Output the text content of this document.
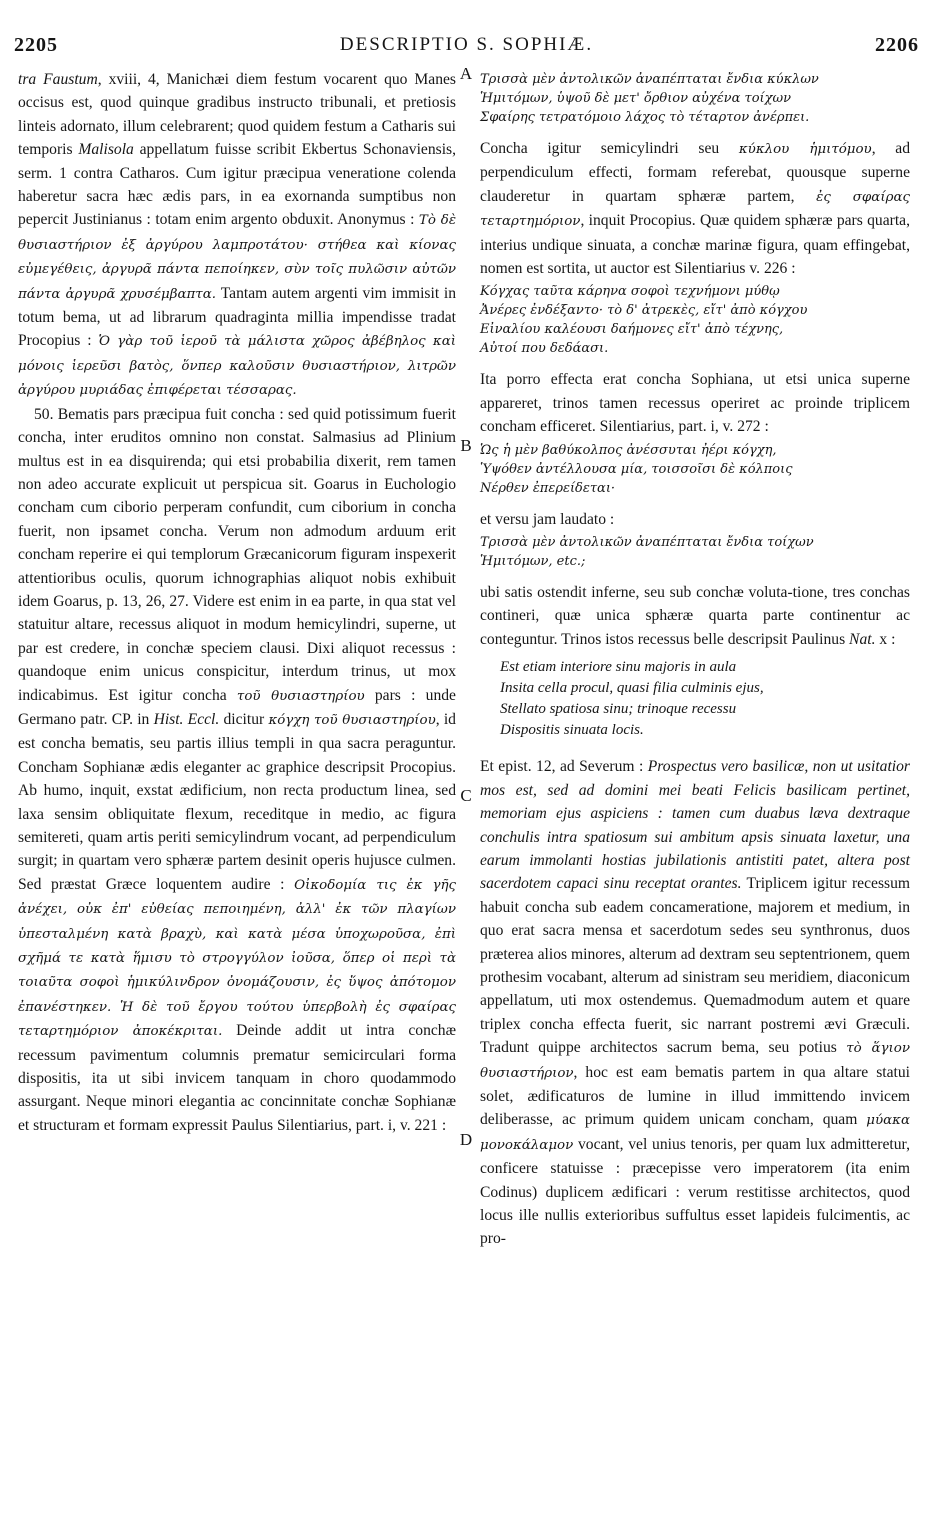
2205	DESCRIPTIO S. SOPHIÆ.	2206
A
B
C
D

tra Faustum, xviii, 4, Manichæi diem festum vocarent quo Manes occisus est, quod quinque gradibus instructo tribunali, et pretiosis linteis adornato, illum celebrarent; quod quidem festum a Catharis sui temporis Malisola appellatum fuisse scribit Ekbertus Schonaviensis, serm. 1 contra Catharos. Cum igitur præcipua veneratione colenda haberetur sacra hæc ædis pars, in ea exornanda sumptibus non pepercit Justinianus : totam enim argento obduxit. Anonymus : Τὸ δὲ θυσιαστήριον ἐξ ἀργύρου λαμπροτάτου· στήθεα καὶ κίονας εὐμεγέθεις, ἀργυρᾶ πάντα πεποίηκεν, σὺν τοῖς πυλῶσιν αὐτῶν πάντα ἀργυρᾶ χρυσέμβαπτα. Tantam autem argenti vim immisit in totum bema, ut ad librarum quadraginta millia impendisse tradat Procopius : Ὁ γὰρ τοῦ ἱεροῦ τὰ μάλιστα χῶρος ἀβέβηλος καὶ μόνοις ἱερεῦσι βατὸς, ὅνπερ καλοῦσιν θυσιαστήριον, λιτρῶν ἀργύρου μυριάδας ἐπιφέρεται τέσσαρας.

50. Bematis pars præcipua fuit concha : sed quid potissimum fuerit concha, inter eruditos omnino non constat. Salmasius ad Plinium multus est in ea disquirenda; qui etsi probabilia dixerit, rem tamen non adeo accurate explicuit ut perspicua sit. Goarus in Euchologio concham cum ciborio perperam confundit, cum ciborium in concha fuerit, non ipsamet concha. Verum non admodum arduum erit concham reperire ei qui templorum Græcanicorum figuram inspexerit attentioribus oculis, quorum ichnographias aliquot nobis exhibuit idem Goarus, p. 13, 26, 27. Videre est enim in ea parte, in qua stat vel statuitur altare, recessus aliquot in modum hemicylindri, superne, ut par est credere, in conchæ speciem clausi. Dixi aliquot recessus : quandoque enim unicus conspicitur, interdum trinus, ut mox indicabimus. Est igitur concha τοῦ θυσιαστηρίου pars : unde Germano patr. CP. in Hist. Eccl. dicitur κόγχη τοῦ θυσιαστηρίου, id est concha bematis, seu partis illius templi in qua sacra peraguntur. Concham Sophianæ ædis eleganter ac graphice descripsit Procopius. Ab humo, inquit, exstat ædificium, non recta productum linea, sed laxa sensim obliquitate flexum, receditque in medio, ac figura semitereti, quam artis periti semicylindrum vocant, ad perpendiculum surgit; in quartam vero sphæræ partem desinit operis hujusce culmen. Sed præstat Græce loquentem audire : Οἰκοδομία τις ἐκ γῆς ἀνέχει, οὐκ ἐπ' εὐθείας πεποιημένη, ἀλλ' ἐκ τῶν πλαγίων ὑπεσταλμένη κατὰ βραχὺ, καὶ κατὰ μέσα ὑποχωροῦσα, ἐπὶ σχῆμά τε κατὰ ἥμισυ τὸ στρογγύλον ἰοῦσα, ὅπερ οἱ περὶ τὰ τοιαῦτα σοφοὶ ἡμικύλινδρον ὀνομάζουσιν, ἐς ὕψος ἀπότομον ἐπανέστηκεν. Ἡ δὲ τοῦ ἔργου τούτου ὑπερβολὴ ἐς σφαίρας τεταρτημόριον ἀποκέκριται. Deinde addit ut intra conchæ recessum pavimentum columnis prematur semicirculari forma dispositis, ita ut sibi invicem tanquam in choro quodammodo assurgant. Neque minori elegantia ac concinnitate conchæ Sophianæ et structuram et formam expressit Paulus Silentiarius, part. i, v. 221 :

Τρισσὰ μὲν ἀντολικῶν ἀναπέπταται ἔνδια κύκλων
Ἡμιτόμων, ὑψοῦ δὲ μετ' ὄρθιον αὐχένα τοίχων
Σφαίρης τετρατόμοιο λάχος τὸ τέταρτον ἀνέρπει.

Concha igitur semicylindri seu κύκλου ἡμιτόμου, ad perpendiculum effecti, formam referebat, quousque superne clauderetur in quartam sphæræ partem, ἐς σφαίρας τεταρτημόριον, inquit Procopius. Quæ quidem sphæræ pars quarta, interius undique sinuata, a conchæ marinæ figura, quam effingebat, nomen est sortita, ut auctor est Silentiarius v. 226 :

Κόγχας ταῦτα κάρηνα σοφοὶ τεχνήμονι μύθῳ
Ἀνέρες ἐνδέξαντο· τὸ δ' ἀτρεκὲς, εἴτ' ἀπὸ κόγχου
Εἰναλίου καλέουσι δαήμονες εἴτ' ἀπὸ τέχνης,
Αὐτοί που δεδάασι.

Ita porro effecta erat concha Sophiana, ut etsi unica superne appareret, trinos tamen recessus operiret ac proinde triplicem concham efficeret. Silentiarius, part. i, v. 272 :

Ὡς ἡ μὲν βαθύκολπος ἀνέσσυται ἠέρι κόγχη,
Ὑψόθεν ἀντέλλουσα μία, τοισσοῖσι δὲ κόλποις
Νέρθεν ἐπερείδεται·

et versu jam laudato :

Τρισσὰ μὲν ἀντολικῶν ἀναπέπταται ἔνδια τοίχων
Ἡμιτόμων, etc.;

ubi satis ostendit inferne, seu sub conchæ voluta-tione, tres conchas contineri, quæ unica sphæræ quarta parte continentur ac conteguntur. Trinos istos recessus belle descripsit Paulinus Nat. x :

Est etiam interiore sinu majoris in aula
Insita cella procul, quasi filia culminis ejus,
Stellato spatiosa sinu; trinoque recessu
Dispositis sinuata locis.

Et epist. 12, ad Severum : Prospectus vero basilicæ, non ut usitatior mos est, sed ad domini mei beati Felicis basilicam pertinet, memoriam ejus aspiciens : tamen cum duabus læva dextraque conchulis intra spatiosum sui ambitum apsis sinuata laxetur, una earum immolanti hostias jubilationis antistiti patet, altera post sacerdotem capaci sinu receptat orantes. Triplicem igitur recessum habuit concha sub eadem concameratione, majorem et medium, in quo erat sacra mensa et sacerdotum sedes seu synthronus, duos præterea alios minores, alterum ad dextram seu septentrionem, quem prothesim vocabant, alterum ad sinistram seu meridiem, diaconicum appellatum, uti mox ostendemus. Quemadmodum autem et quare triplex concha effecta fuerit, sic narrant postremi ævi Græculi. Tradunt quippe architectos sacrum bema, seu potius τὸ ἅγιον θυσιαστήριον, hoc est eam bematis partem in qua altare statui solet, ædificaturos de lumine in illud immittendo invicem deliberasse, ac primum quidem unicam concham, quam μύακα μονοκάλαμον vocant, vel unius tenoris, per quam lux admitteretur, conficere statuisse : præcepisse vero imperatorem (ita enim Codinus) duplicem ædificari : verum restitisse architectos, quod locus ille nullis exterioribus suffultus esset lapideis fulcimentis, ac pro-
